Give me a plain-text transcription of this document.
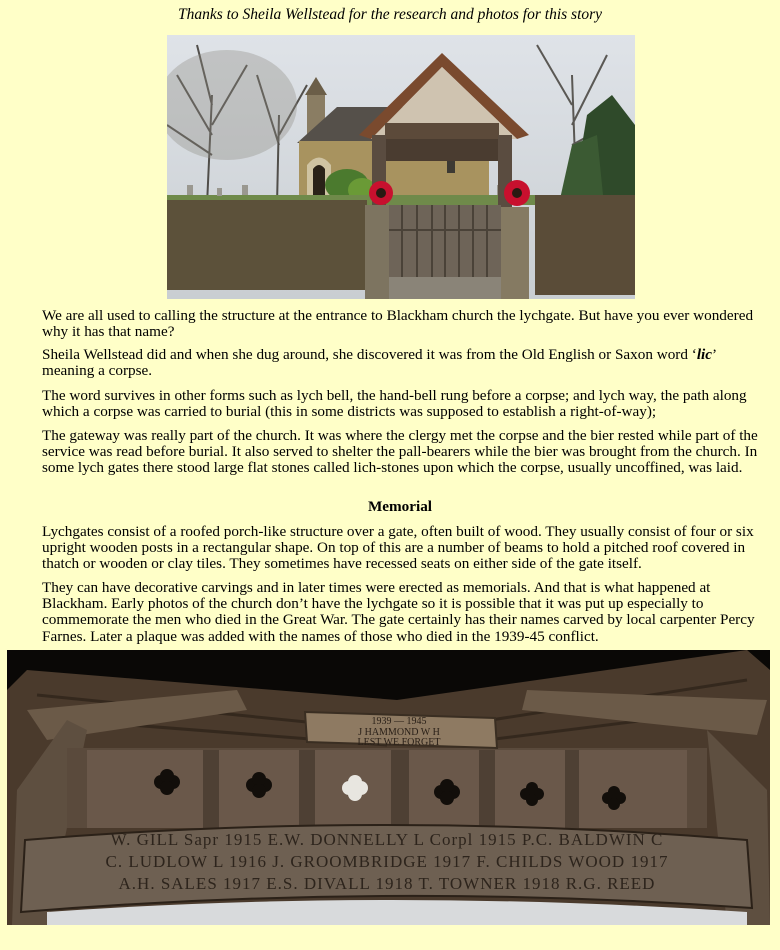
Thanks to Sheila Wellstead for the research and photos for this story
We are all used to calling the structure at the entrance to Blackham church the lychgate. But have you ever wondered why it has that name?
Sheila Wellstead did and when she dug around, she discovered it was from the Old English or Saxon word ‘lic’ meaning a corpse.
The word survives in other forms such as lych bell, the hand-bell rung before a corpse; and lych way, the path along which a corpse was carried to burial (this in some districts was supposed to establish a right-of-way);
The gateway was really part of the church. It was where the clergy met the corpse and the bier rested while part of the service was read before burial. It also served to shelter the pall-bearers while the bier was brought from the church. In some lych gates there stood large flat stones called lich-stones upon which the corpse, usually uncoffined, was laid.
Memorial
Lychgates consist of a roofed porch-like structure over a gate, often built of wood. They usually consist of four or six upright wooden posts in a rectangular shape. On top of this are a number of beams to hold a pitched roof covered in thatch or wooden or clay tiles. They sometimes have recessed seats on either side of the gate itself.
They can have decorative carvings and in later times were erected as memorials. And that is what happened at Blackham. Early photos of the church don’t have the lychgate so it is possible that it was put up especially to commemorate the men who died in the Great War. The gate certainly has their names carved by local carpenter Percy Farnes. Later a plaque was added with the names of those who died in the 1939-45 conflict.
1939 — 1945
J HAMMOND W H
LEST WE FORGET
W. GILL Sapr 1915 E.W. DONNELLY L Corpl 1915 P.C. BALDWIN C
C. LUDLOW L 1916 J. GROOMBRIDGE 1917 F. CHILDS WOOD 1917
A.H. SALES 1917 E.S. DIVALL 1918 T. TOWNER 1918 R.G. REED
